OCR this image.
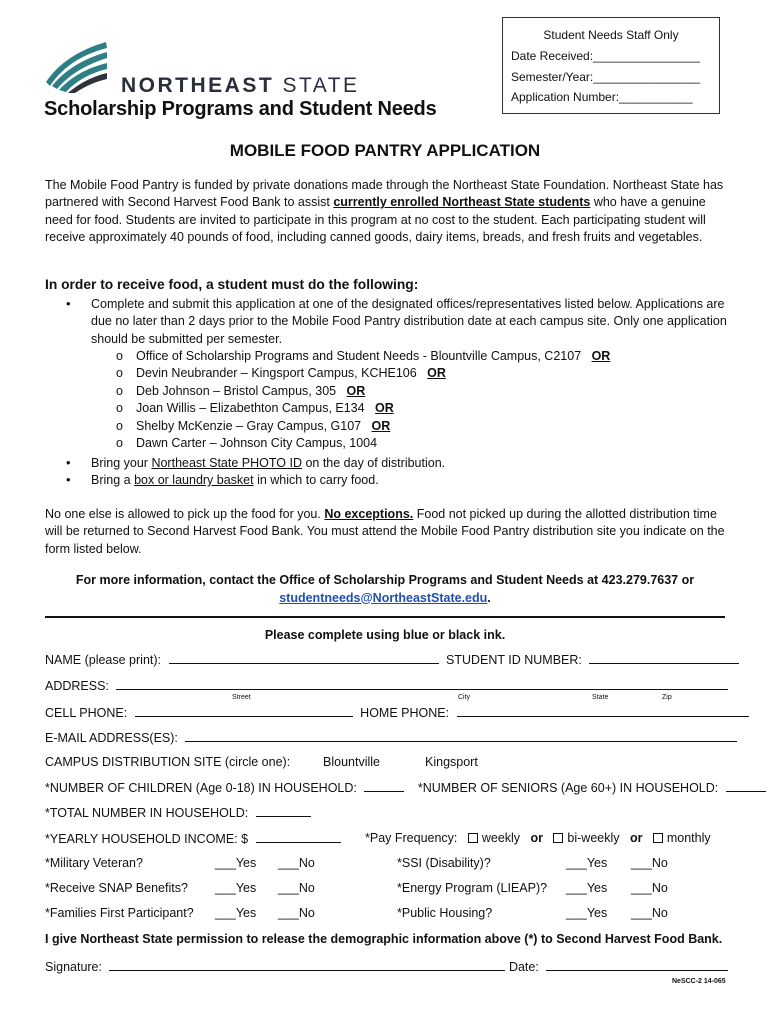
NORTHEAST STATE
Scholarship Programs and Student Needs
Student Needs Staff Only
Date Received:________________
Semester/Year:________________
Application Number:___________
MOBILE FOOD PANTRY APPLICATION
The Mobile Food Pantry is funded by private donations made through the Northeast State Foundation. Northeast State has partnered with Second Harvest Food Bank to assist currently enrolled Northeast State students who have a genuine need for food. Students are invited to participate in this program at no cost to the student. Each participating student will receive approximately 40 pounds of food, including canned goods, dairy items, breads, and fresh fruits and vegetables.
In order to receive food, a student must do the following:
Complete and submit this application at one of the designated offices/representatives listed below. Applications are due no later than 2 days prior to the Mobile Food Pantry distribution date at each campus site. Only one application should be submitted per semester.
•
o Office of Scholarship Programs and Student Needs - Blountville Campus, C2107 OR
o Devin Neubrander – Kingsport Campus, KCHE106 OR
o Deb Johnson – Bristol Campus, 305 OR
o Joan Willis – Elizabethton Campus, E134 OR
o Shelby McKenzie – Gray Campus, G107 OR
o Dawn Carter – Johnson City Campus, 1004
• Bring your Northeast State PHOTO ID on the day of distribution.
• Bring a box or laundry basket in which to carry food.
No one else is allowed to pick up the food for you. No exceptions. Food not picked up during the allotted distribution time will be returned to Second Harvest Food Bank. You must attend the Mobile Food Pantry distribution site you indicate on the form listed below.
For more information, contact the Office of Scholarship Programs and Student Needs at 423.279.7637 or
studentneeds@NortheastState.edu.
Please complete using blue or black ink.
NAME (please print):	STUDENT ID NUMBER:
ADDRESS:
Street	City	State	Zip
CELL PHONE:	HOME PHONE:
E-MAIL ADDRESS(ES):
CAMPUS DISTRIBUTION SITE (circle one):	Blountville	Kingsport
*NUMBER OF CHILDREN (Age 0-18) IN HOUSEHOLD:	*NUMBER OF SENIORS (Age 60+) IN HOUSEHOLD:
*TOTAL NUMBER IN HOUSEHOLD:
*YEARLY HOUSEHOLD INCOME: $	*Pay Frequency: weekly or bi-weekly or monthly
*Military Veteran?	___Yes ___No	*SSI (Disability)?	___Yes ___No
*Receive SNAP Benefits? ___Yes ___No	*Energy Program (LIEAP)? ___Yes ___No
*Families First Participant? ___Yes ___No	*Public Housing?	___Yes ___No
I give Northeast State permission to release the demographic information above (*) to Second Harvest Food Bank.
Signature:	Date:
NeSCC-2 14-065
